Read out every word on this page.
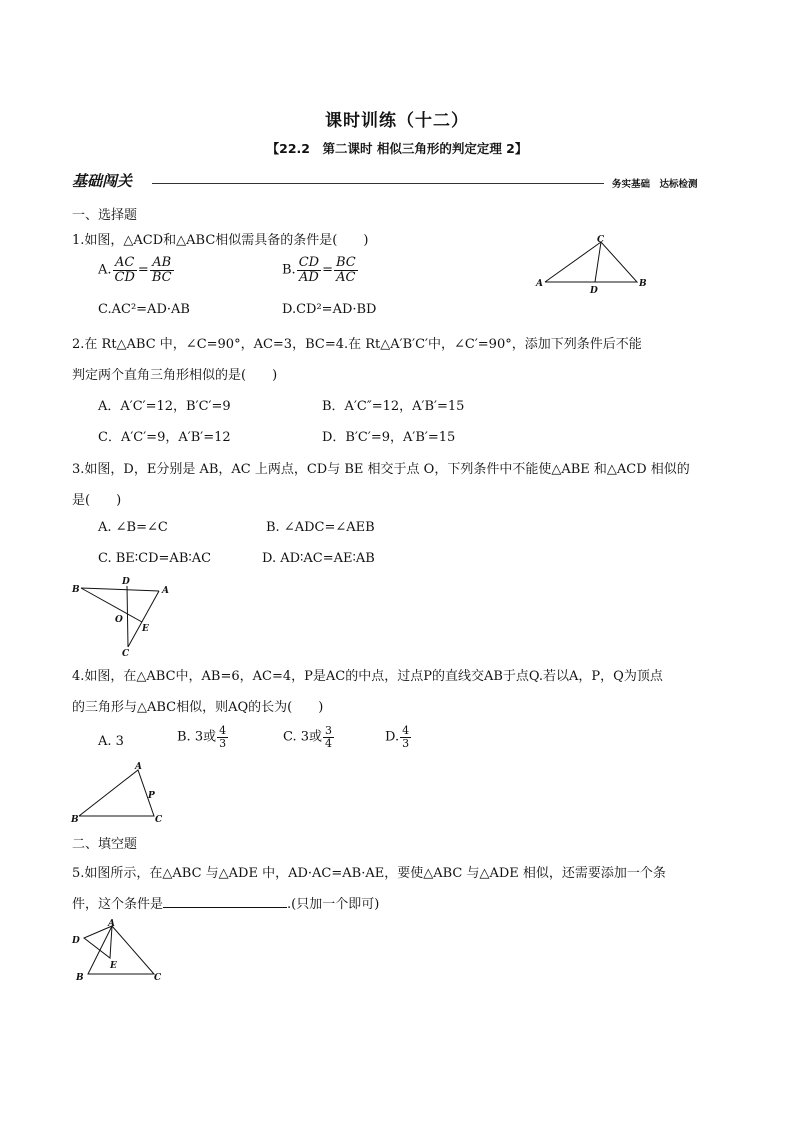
课时训练（十二）
【22.2　第二课时 相似三角形的判定定理 2】
基础闯关	务实基础　达标检测
一、选择题
1.如图，△ACD和△ABC相似需具备的条件是(　　)
A. $\frac{AC}{CD} = \frac{AB}{BC}$	B. $\frac{CD}{AD} = \frac{BC}{AC}$
C.AC²=AD·AB	D.CD²=AD·BD
C
A
D
B
2.在 Rt△ABC 中，∠C=90°，AC=3，BC=4.在 Rt△A′B′C′中，∠C′=90°，添加下列条件后不能
判定两个直角三角形相似的是(　　)
A．A′C′=12，B′C′=9	B．A′C″=12，A′B′=15
C．A′C′=9，A′B′=12	D．B′C′=9，A′B′=15
3.如图，D，E分别是 AB，AC 上两点，CD与 BE 相交于点 O，下列条件中不能使△ABE 和△ACD 相似的
是(　　)
A. ∠B=∠C	B. ∠ADC=∠AEB
C. BE∶CD=AB∶AC	D. AD∶AC=AE∶AB
B
D
A
O
E
C
4.如图，在△ABC中，AB=6，AC=4，P是AC的中点，过点P的直线交AB于点Q.若以A，P，Q为顶点
的三角形与△ABC相似，则AQ的长为(　　)
A. 3	B. 3或 $\frac{4}{3}$	C. 3或 $\frac{3}{4}$	D. $\frac{4}{3}$
A
P
B	C
二、填空题
5.如图所示，在△ABC 与△ADE 中，AD·AC=AB·AE，要使△ABC 与△ADE 相似，还需要添加一个条
件，这个条件是	.(只加一个即可)
A
D
E
B	C
